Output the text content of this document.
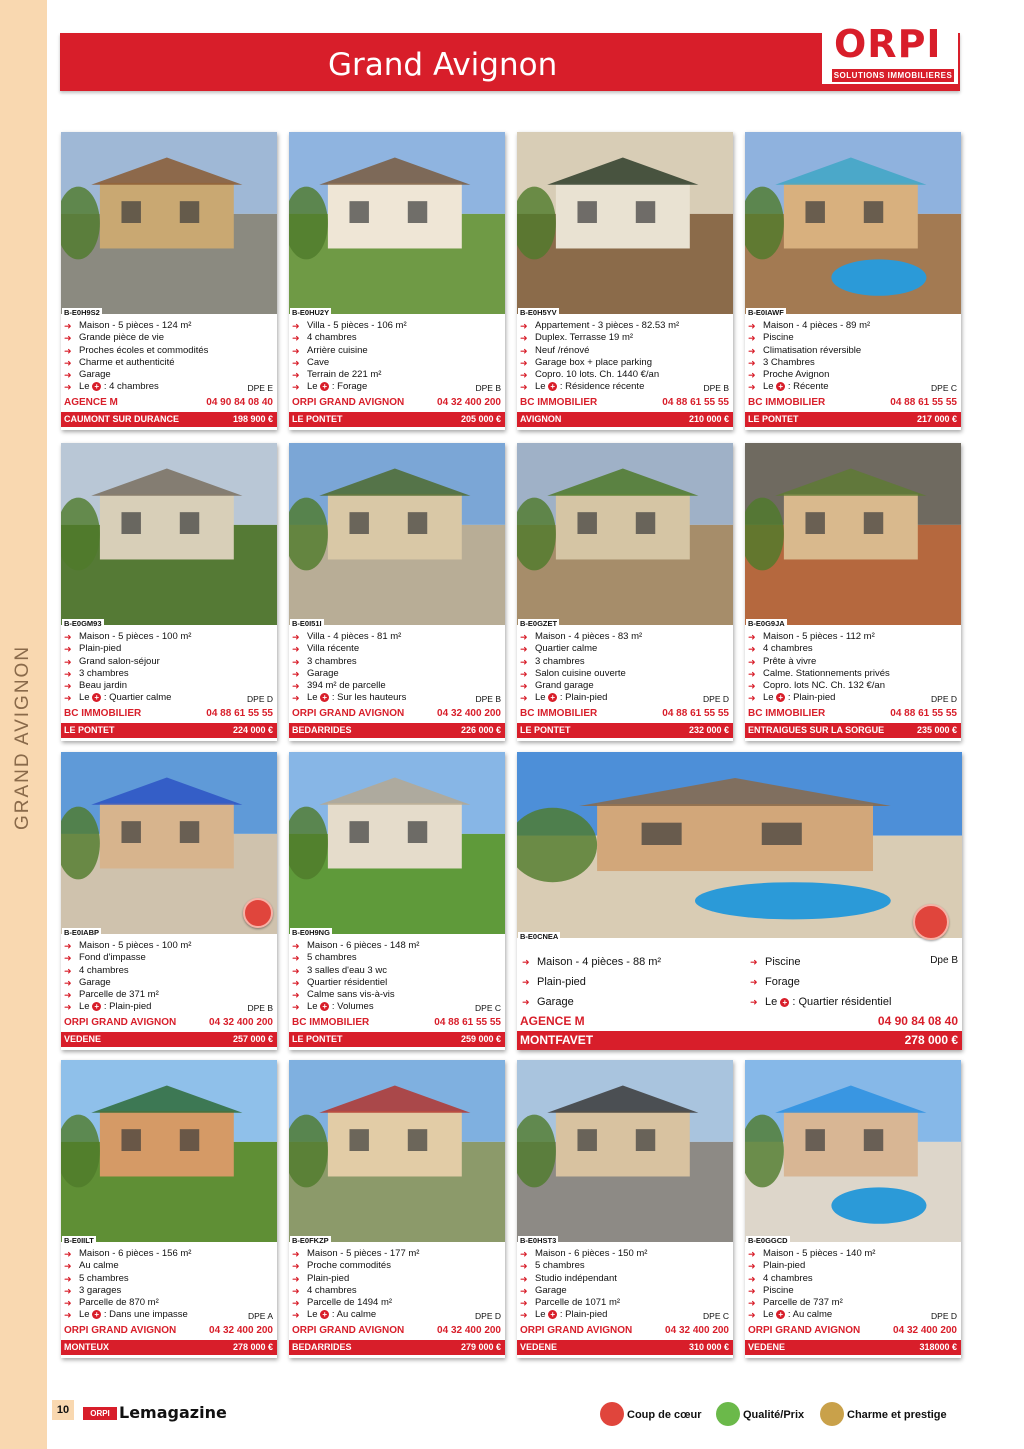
Grand Avignon	ORPI
SOLUTIONS IMMOBILIERES
B-E0H9S2
➜ Maison - 5 pièces - 124 m²
➜ Grande pièce de vie
➜ Proches écoles et commodités
➜ Charme et authenticité
➜ Garage
➜ Le + : 4 chambres	DPE E
AGENCE M	04 90 84 08 40
CAUMONT SUR DURANCE	198 900 €
B-E0HU2Y
➜ Villa - 5 pièces - 106 m²
➜ 4 chambres
➜ Arrière cuisine
➜ Cave
➜ Terrain de 221 m²
➜ Le + : Forage	DPE B
ORPI GRAND AVIGNON	04 32 400 200
LE PONTET	205 000 €
B-E0H5YV
➜ Appartement - 3 pièces - 82.53 m²
➜ Duplex. Terrasse 19 m²
➜ Neuf /rénové
➜ Garage box + place parking
➜ Copro. 10 lots. Ch. 1440 €/an
➜ Le + : Résidence récente	DPE B
BC IMMOBILIER	04 88 61 55 55
AVIGNON	210 000 €
B-E0IAWF
➜ Maison - 4 pièces - 89 m²
➜ Piscine
➜ Climatisation réversible
➜ 3 Chambres
➜ Proche Avignon
➜ Le + : Récente	DPE C
BC IMMOBILIER	04 88 61 55 55
LE PONTET	217 000 €
B-E0GM93
➜ Maison - 5 pièces - 100 m²
➜ Plain-pied
➜ Grand salon-séjour
➜ 3 chambres
➜ Beau jardin
➜ Le + : Quartier calme	DPE D
BC IMMOBILIER	04 88 61 55 55
LE PONTET	224 000 €
B-E0I51I
➜ Villa - 4 pièces - 81 m²
➜ Villa récente
➜ 3 chambres
➜ Garage
➜ 394 m² de parcelle
➜ Le + : Sur les hauteurs	DPE B
ORPI GRAND AVIGNON	04 32 400 200
BEDARRIDES	226 000 €
B-E0GZET
➜ Maison - 4 pièces - 83 m²
➜ Quartier calme
➜ 3 chambres
➜ Salon cuisine ouverte
➜ Grand garage
➜ Le + : Plain-pied	DPE D
BC IMMOBILIER	04 88 61 55 55
LE PONTET	232 000 €
B-E0G9JA
➜ Maison - 5 pièces - 112 m²
➜ 4 chambres
➜ Prête à vivre
➜ Calme. Stationnements privés
➜ Copro. lots NC. Ch. 132 €/an
➜ Le + : Plain-pied	DPE D
BC IMMOBILIER	04 88 61 55 55
ENTRAIGUES SUR LA SORGUE	235 000 €
B-E0IABP
➜ Maison - 5 pièces - 100 m²
➜ Fond d'impasse
➜ 4 chambres
➜ Garage
➜ Parcelle de 371 m²
➜ Le + : Plain-pied	DPE B
ORPI GRAND AVIGNON	04 32 400 200
VEDENE	257 000 €
B-E0H9NG
➜ Maison - 6 pièces - 148 m²
➜ 5 chambres
➜ 3 salles d'eau 3 wc
➜ Quartier résidentiel
➜ Calme sans vis-à-vis
➜ Le + : Volumes	DPE C
BC IMMOBILIER	04 88 61 55 55
LE PONTET	259 000 €
B-E0IILT
➜ Maison - 6 pièces - 156 m²
➜ Au calme
➜ 5 chambres
➜ 3 garages
➜ Parcelle de 870 m²
➜ Le + : Dans une impasse	DPE A
ORPI GRAND AVIGNON	04 32 400 200
MONTEUX	278 000 €
B-E0FKZP
➜ Maison - 5 pièces - 177 m²
➜ Proche commodités
➜ Plain-pied
➜ 4 chambres
➜ Parcelle de 1494 m²
➜ Le + : Au calme	DPE D
ORPI GRAND AVIGNON	04 32 400 200
BEDARRIDES	279 000 €
B-E0HST3
➜ Maison - 6 pièces - 150 m²
➜ 5 chambres
➜ Studio indépendant
➜ Garage
➜ Parcelle de 1071 m²
➜ Le + : Plain-pied	DPE C
ORPI GRAND AVIGNON	04 32 400 200
VEDENE	310 000 €
B-E0GGCD
➜ Maison - 5 pièces - 140 m²
➜ Plain-pied
➜ 4 chambres
➜ Piscine
➜ Parcelle de 737 m²
➜ Le + : Au calme	DPE D
ORPI GRAND AVIGNON	04 32 400 200
VEDENE	318000 €
B-E0CNEA
➜ Maison - 4 pièces - 88 m²
➜ Plain-pied
➜ Garage
➜ Piscine
➜ Forage
➜ Le + : Quartier résidentiel
Dpe B
AGENCE M	04 90 84 08 40
MONTFAVET	278 000 €
10	ORPI Lemagazine	Coup de cœur	Qualité/Prix	Charme et prestige
